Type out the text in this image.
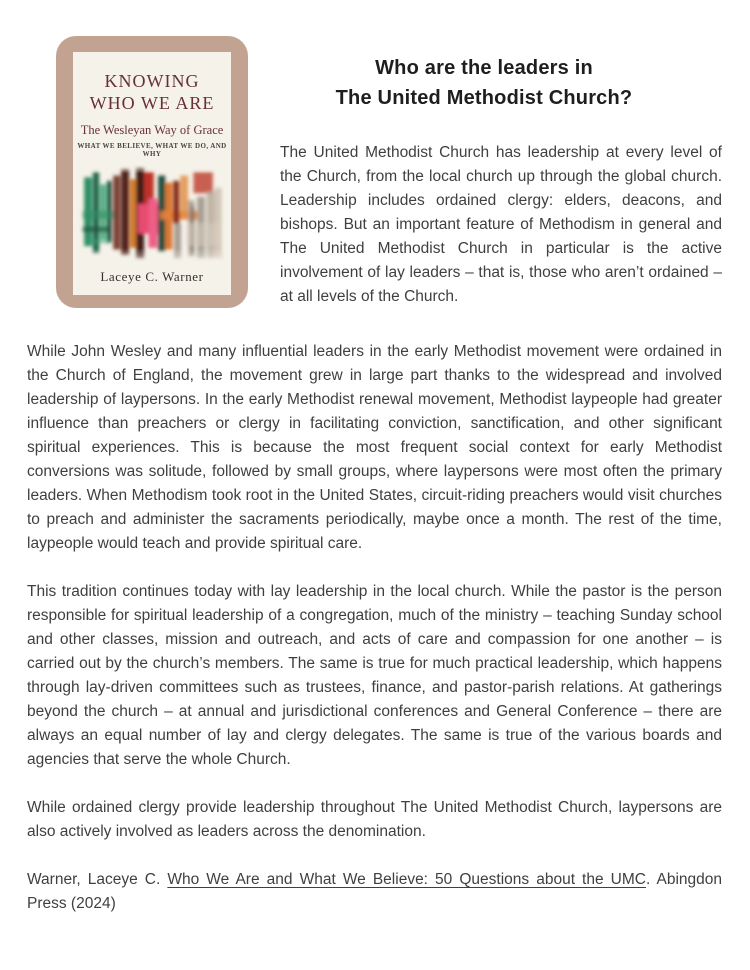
KNOWING
WHO WE ARE
The Wesleyan Way of Grace
WHAT WE BELIEVE, WHAT WE DO, AND WHY
Laceye C. Warner
Who are the leaders in
The United Methodist Church?

The United Methodist Church has leadership at every level of the Church, from the local church up through the global church. Leadership includes ordained clergy: elders, deacons, and bishops. But an important feature of Methodism in general and The United Methodist Church in particular is the active involvement of lay leaders – that is, those who aren’t ordained – at all levels of the Church.

While John Wesley and many influential leaders in the early Methodist movement were ordained in the Church of England, the movement grew in large part thanks to the widespread and involved leadership of laypersons. In the early Methodist renewal movement, Methodist laypeople had greater influence than preachers or clergy in facilitating conviction, sanctification, and other significant spiritual experiences. This is because the most frequent social context for early Methodist conversions was solitude, followed by small groups, where laypersons were most often the primary leaders. When Methodism took root in the United States, circuit-riding preachers would visit churches to preach and administer the sacraments periodically, maybe once a month. The rest of the time, laypeople would teach and provide spiritual care.

This tradition continues today with lay leadership in the local church. While the pastor is the person responsible for spiritual leadership of a congregation, much of the ministry – teaching Sunday school and other classes, mission and outreach, and acts of care and compassion for one another – is carried out by the church’s members. The same is true for much practical leadership, which happens through lay-driven committees such as trustees, finance, and pastor-parish relations. At gatherings beyond the church – at annual and jurisdictional conferences and General Conference – there are always an equal number of lay and clergy delegates. The same is true of the various boards and agencies that serve the whole Church.

While ordained clergy provide leadership throughout The United Methodist Church, laypersons are also actively involved as leaders across the denomination.

Warner, Laceye C. Who We Are and What We Believe: 50 Questions about the UMC. Abingdon Press (2024)
